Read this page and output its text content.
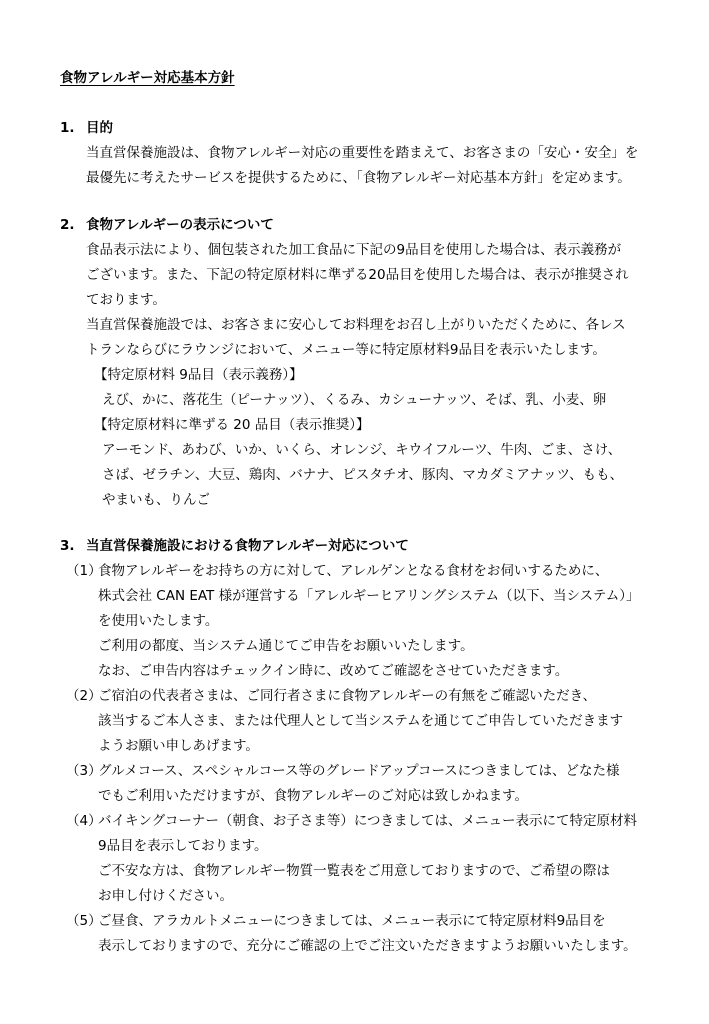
食物アレルギー対応基本方針
1. 目的

当直営保養施設は、食物アレルギー対応の重要性を踏まえて、お客さまの「安心・安全」を

最優先に考えたサービスを提供するために、「食物アレルギー対応基本方針」を定めます。

2. 食物アレルギーの表示について

食品表示法により、個包装された加工食品に下記の9品目を使用した場合は、表示義務が

ございます。また、下記の特定原材料に準ずる20品目を使用した場合は、表示が推奨され

ております。

当直営保養施設では、お客さまに安心してお料理をお召し上がりいただくために、各レス

トランならびにラウンジにおいて、メニュー等に特定原材料9品目を表示いたします。

【特定原材料 9品目（表示義務）】

えび、かに、落花生（ピーナッツ）、くるみ、カシューナッツ、そば、乳、小麦、卵

【特定原材料に準ずる 20 品目（表示推奨）】

アーモンド、あわび、いか、いくら、オレンジ、キウイフルーツ、牛肉、ごま、さけ、

さば、ゼラチン、大豆、鶏肉、バナナ、ピスタチオ、豚肉、マカダミアナッツ、もも、

やまいも、りんご

3. 当直営保養施設における食物アレルギー対応について
（1）

食物アレルギーをお持ちの方に対して、アレルゲンとなる食材をお伺いするために、

株式会社 CAN EAT 様が運営する「アレルギーヒアリングシステム（以下、当システム）」

を使用いたします。

ご利用の都度、当システム通じてご申告をお願いいたします。

なお、ご申告内容はチェックイン時に、改めてご確認をさせていただきます。

（2）

ご宿泊の代表者さまは、ご同行者さまに食物アレルギーの有無をご確認いただき、

該当するご本人さま、または代理人として当システムを通じてご申告していただきます

ようお願い申しあげます。

（3）

グルメコース、スペシャルコース等のグレードアップコースにつきましては、どなた様

でもご利用いただけますが、食物アレルギーのご対応は致しかねます。

（4）

バイキングコーナー（朝食、お子さま等）につきましては、メニュー表示にて特定原材料

9品目を表示しております。

ご不安な方は、食物アレルギー物質一覧表をご用意しておりますので、ご希望の際は

お申し付けください。

（5）

ご昼食、アラカルトメニューにつきましては、メニュー表示にて特定原材料9品目を

表示しておりますので、充分にご確認の上でご注文いただきますようお願いいたします。
